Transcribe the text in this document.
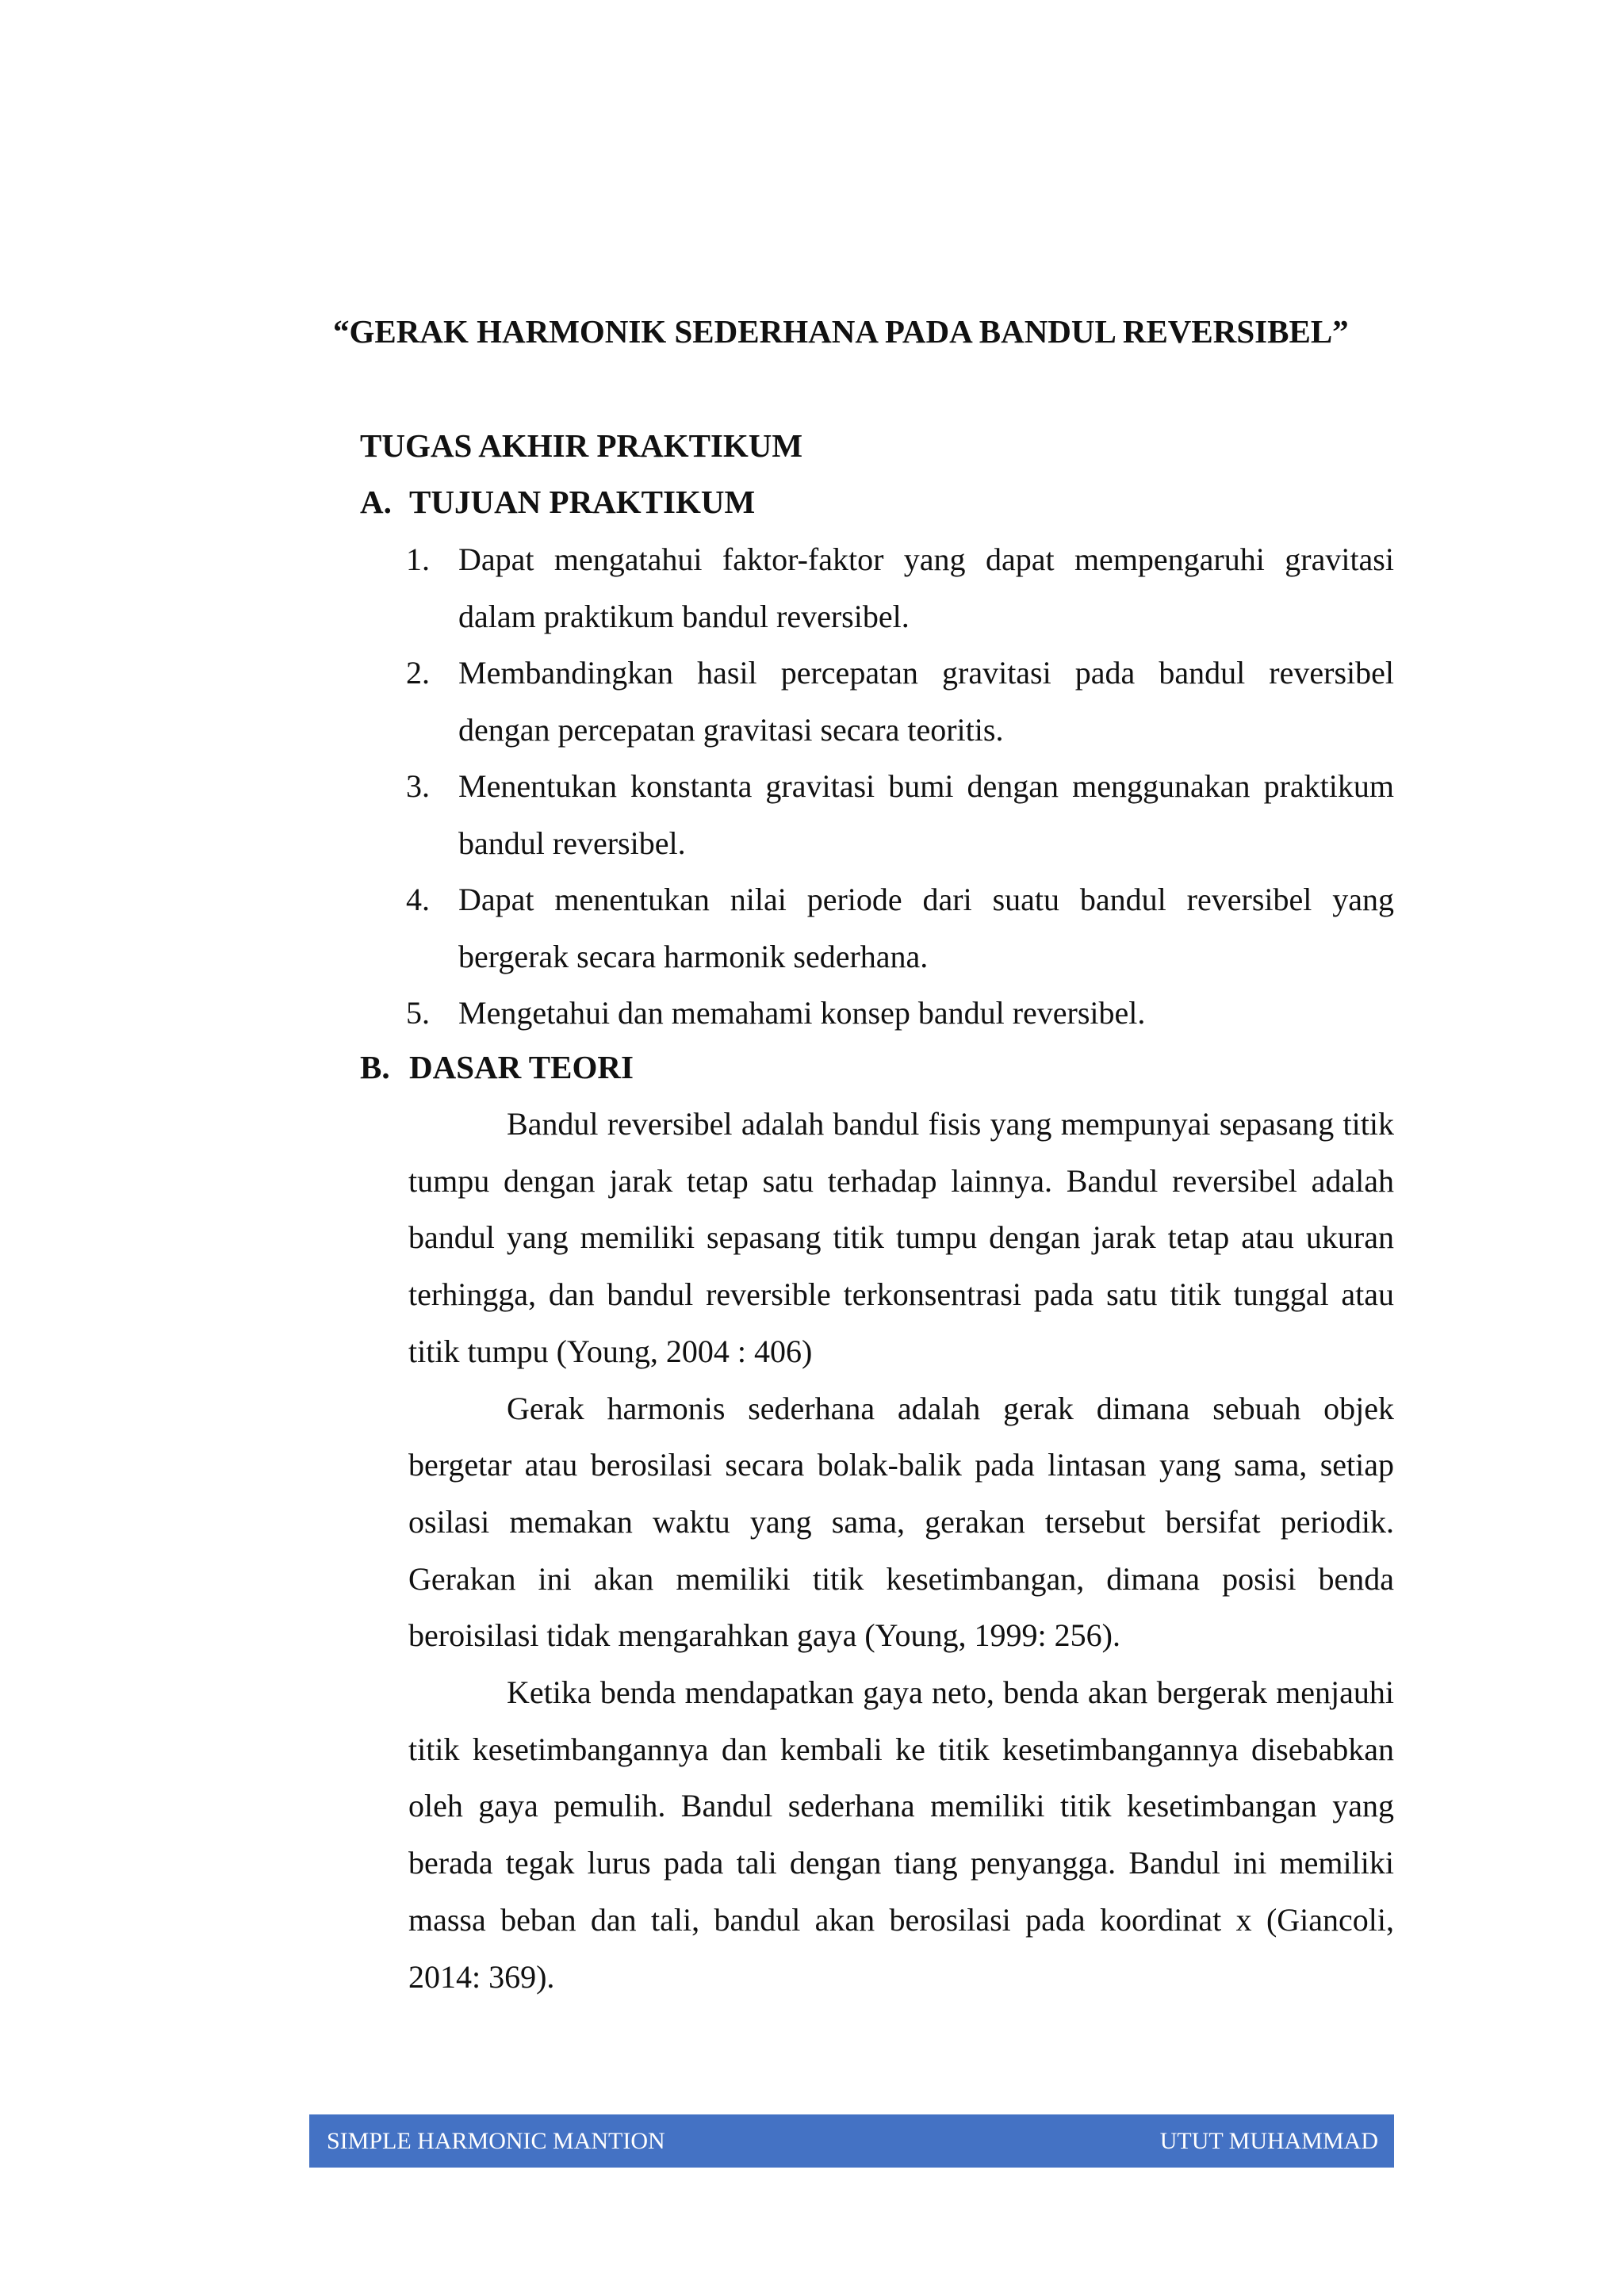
“GERAK HARMONIK SEDERHANA PADA BANDUL REVERSIBEL”
TUGAS AKHIR PRAKTIKUM
A. TUJUAN PRAKTIKUM
1. Dapat mengatahui faktor-faktor yang dapat mempengaruhi gravitasi dalam praktikum bandul reversibel.
2. Membandingkan hasil percepatan gravitasi pada bandul reversibel dengan percepatan gravitasi secara teoritis.
3. Menentukan konstanta gravitasi bumi dengan menggunakan praktikum bandul reversibel.
4. Dapat menentukan nilai periode dari suatu bandul reversibel yang bergerak secara harmonik sederhana.
5. Mengetahui dan memahami konsep bandul reversibel.
B. DASAR TEORI

Bandul reversibel adalah bandul fisis yang mempunyai sepasang titik tumpu dengan jarak tetap satu terhadap lainnya. Bandul reversibel adalah bandul yang memiliki sepasang titik tumpu dengan jarak tetap atau ukuran terhingga, dan bandul reversible terkonsentrasi pada satu titik tunggal atau titik tumpu (Young, 2004 : 406)

Gerak harmonis sederhana adalah gerak dimana sebuah objek bergetar atau berosilasi secara bolak-balik pada lintasan yang sama, setiap osilasi memakan waktu yang sama, gerakan tersebut bersifat periodik. Gerakan ini akan memiliki titik kesetimbangan, dimana posisi benda beroisilasi tidak mengarahkan gaya (Young, 1999: 256).

Ketika benda mendapatkan gaya neto, benda akan bergerak menjauhi titik kesetimbangannya dan kembali ke titik kesetimbangannya disebabkan oleh gaya pemulih. Bandul sederhana memiliki titik kesetimbangan yang berada tegak lurus pada tali dengan tiang penyangga. Bandul ini memiliki massa beban dan tali, bandul akan berosilasi pada koordinat x (Giancoli, 2014: 369).

SIMPLE HARMONIC MANTION	UTUT MUHAMMAD
